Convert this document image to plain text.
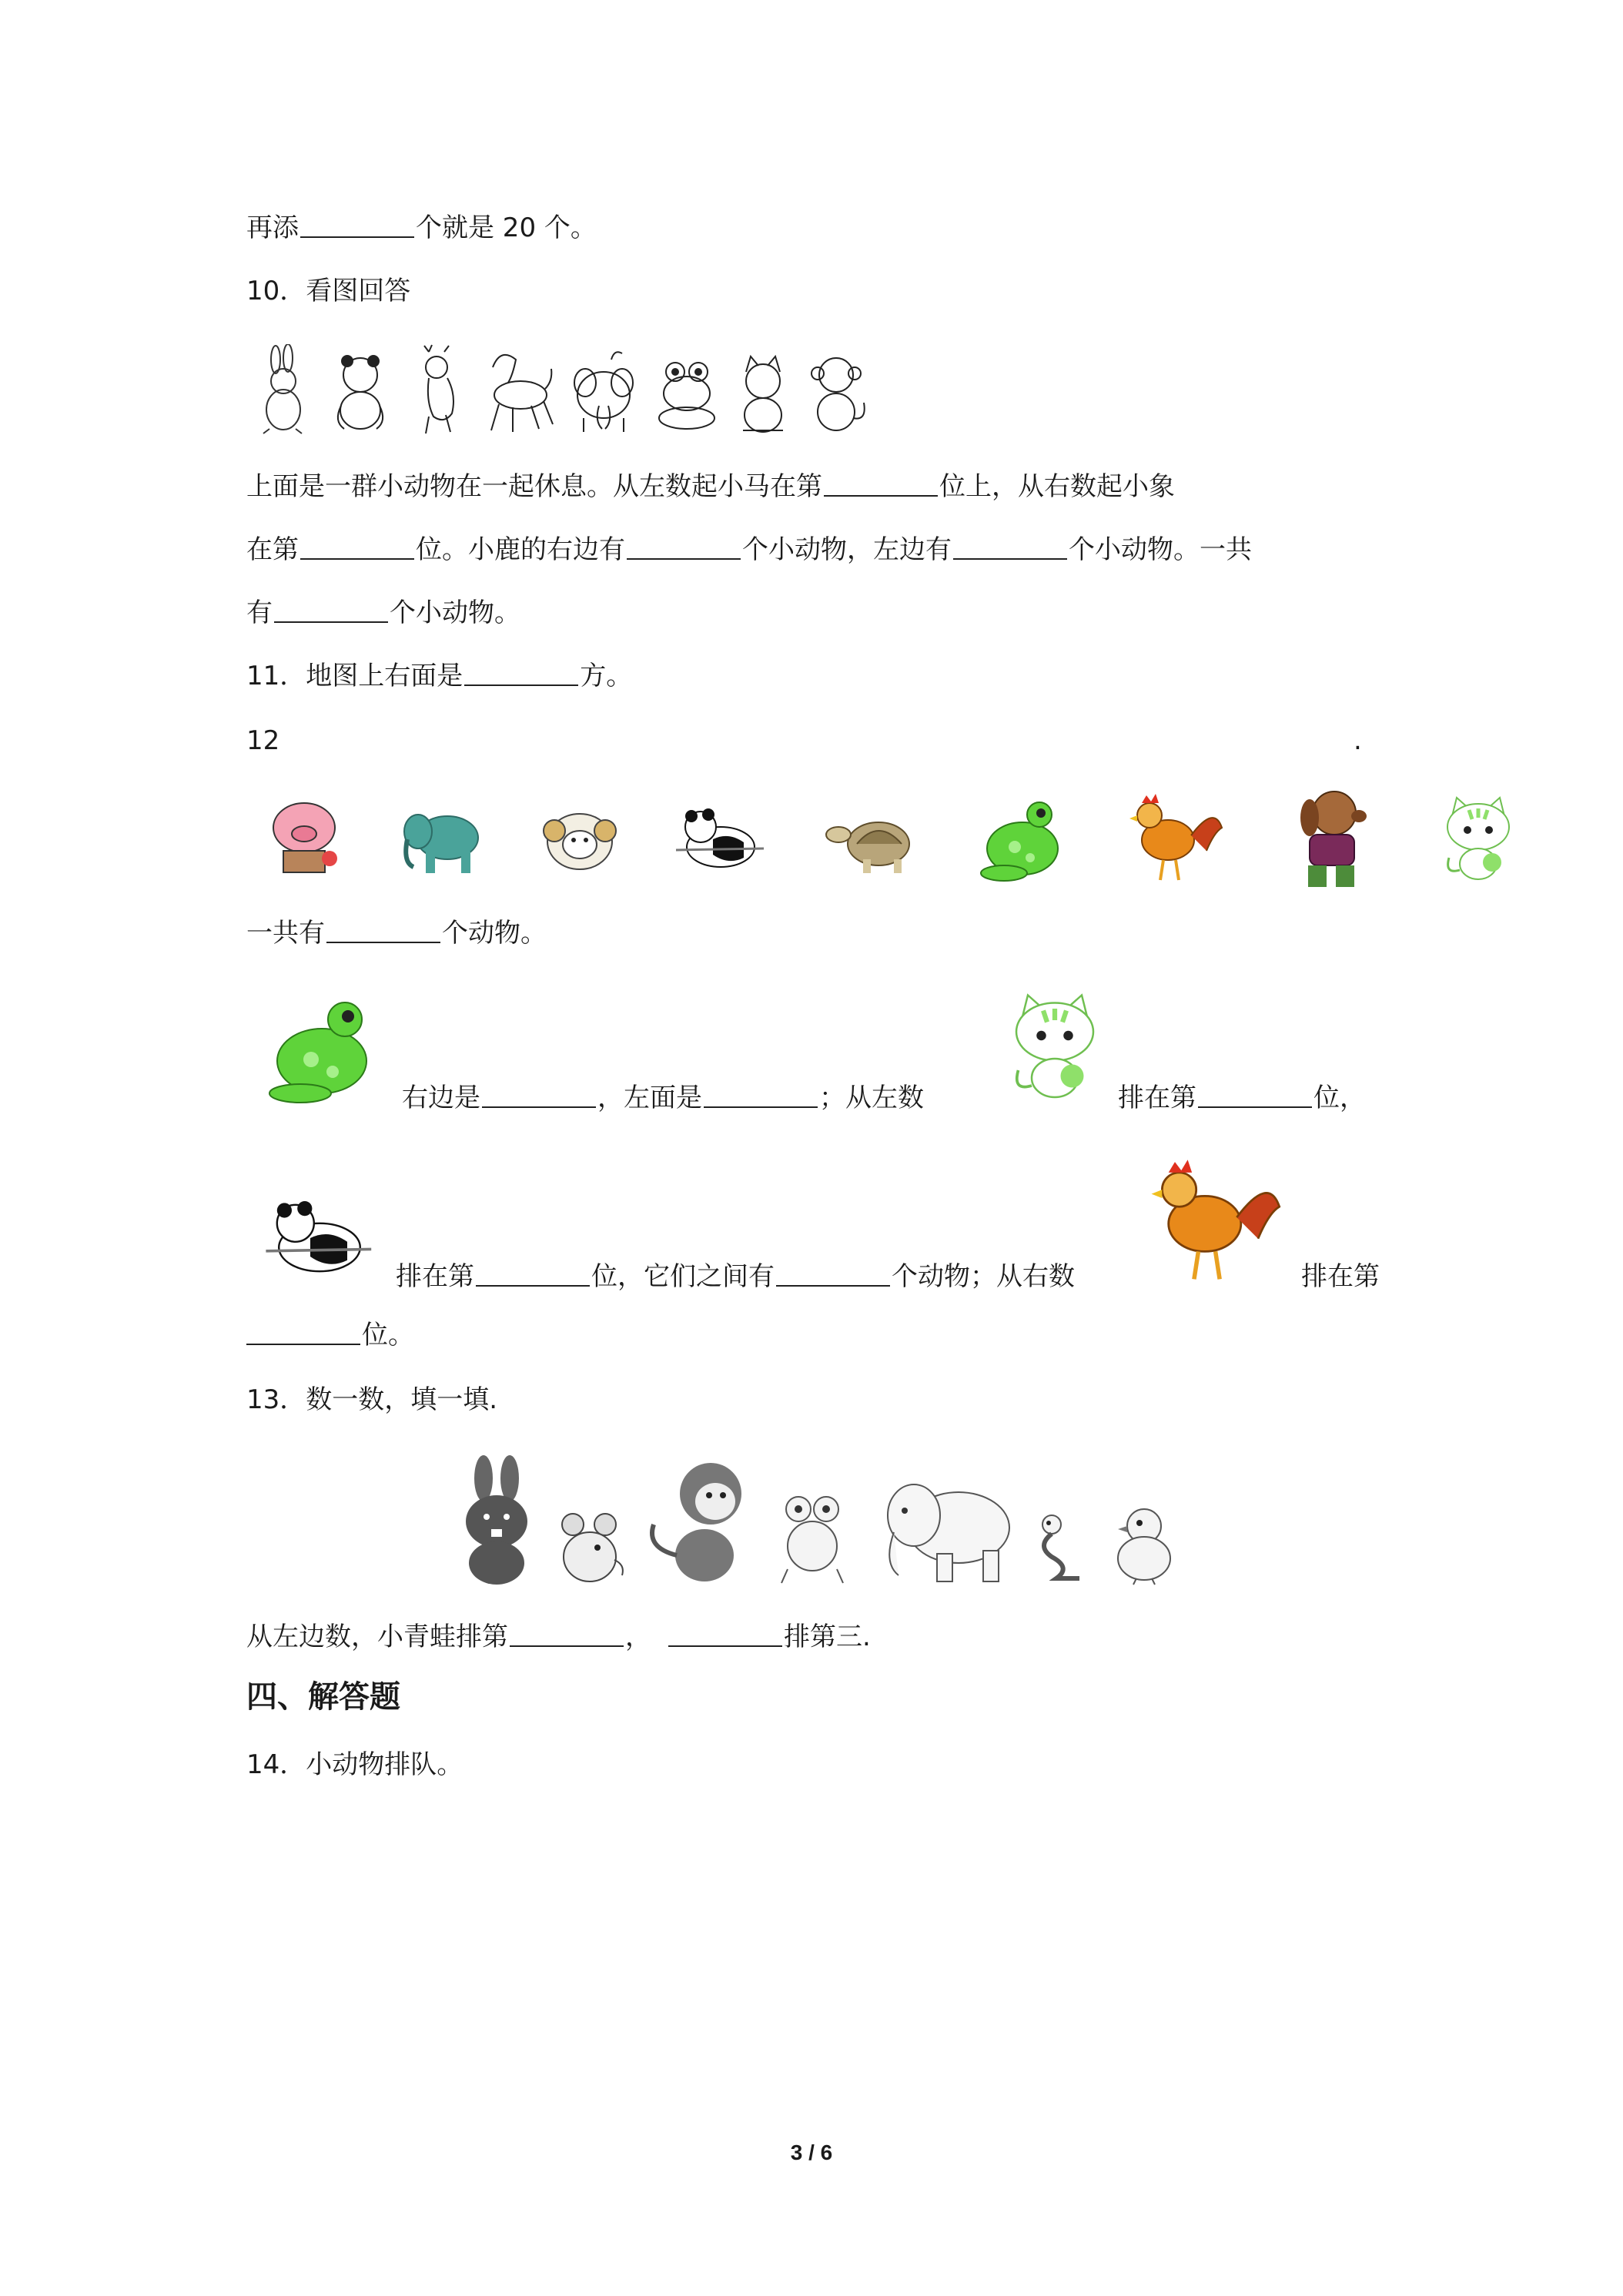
再添	个就是 20 个。
10．看图回答
上面是一群小动物在一起休息。从左数起小马在第	位上，从右数起小象
在第	位。小鹿的右边有	个小动物，左边有	个小动物。一共
有	个小动物。
11．地图上右面是	方。
12	.
一共有	个动物。
右边是	，左面是	；从左数	排在第	位，
排在第	位，它们之间有	个动物；从右数	排在第
位。
13．数一数，填一填.
从左边数，小青蛙排第	，	排第三.
四、解答题
14．小动物排队。
3 / 6
